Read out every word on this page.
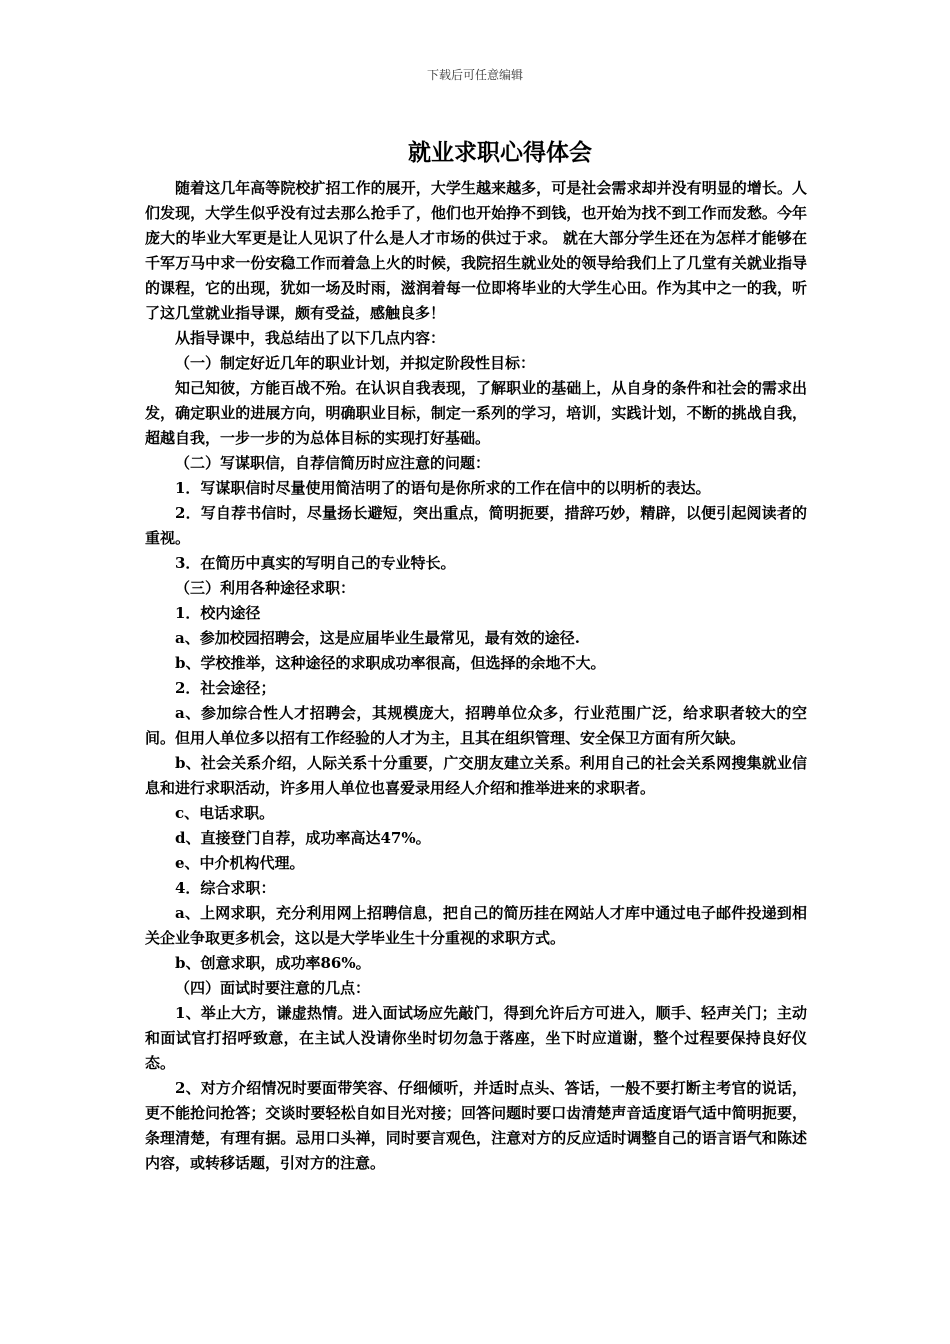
下载后可任意编辑
就业求职心得体会

随着这几年高等院校扩招工作的展开，大学生越来越多，可是社会需求却并没有明显的增长。人们发现，大学生似乎没有过去那么抢手了，他们也开始挣不到钱，也开始为找不到工作而发愁。今年庞大的毕业大军更是让人见识了什么是人才市场的供过于求。 就在大部分学生还在为怎样才能够在千军万马中求一份安稳工作而着急上火的时候，我院招生就业处的领导给我们上了几堂有关就业指导的课程，它的出现，犹如一场及时雨，滋润着每一位即将毕业的大学生心田。作为其中之一的我，听了这几堂就业指导课，颇有受益，感触良多！

从指导课中，我总结出了以下几点内容：

（一）制定好近几年的职业计划，并拟定阶段性目标：

知己知彼，方能百战不殆。在认识自我表现，了解职业的基础上，从自身的条件和社会的需求出发，确定职业的进展方向，明确职业目标，制定一系列的学习，培训，实践计划，不断的挑战自我，超越自我，一步一步的为总体目标的实现打好基础。

（二）写谋职信，自荐信简历时应注意的问题：

1．写谋职信时尽量使用简洁明了的语句是你所求的工作在信中的以明析的表达。

2．写自荐书信时，尽量扬长避短，突出重点，简明扼要，措辞巧妙，精辟，以便引起阅读者的重视。

3．在简历中真实的写明自己的专业特长。

（三）利用各种途径求职：

1．校内途径

a、参加校园招聘会，这是应届毕业生最常见，最有效的途径.

b、学校推举，这种途径的求职成功率很高，但选择的余地不大。

2．社会途径；

a、参加综合性人才招聘会，其规模庞大，招聘单位众多，行业范围广泛，给求职者较大的空间。但用人单位多以招有工作经验的人才为主，且其在组织管理、安全保卫方面有所欠缺。

b、社会关系介绍，人际关系十分重要，广交朋友建立关系。利用自己的社会关系网搜集就业信息和进行求职活动，许多用人单位也喜爱录用经人介绍和推举进来的求职者。

c、电话求职。

d、直接登门自荐，成功率高达47%。

e、中介机构代理。

4．综合求职：

a、上网求职，充分利用网上招聘信息，把自己的简历挂在网站人才库中通过电子邮件投递到相关企业争取更多机会，这以是大学毕业生十分重视的求职方式。

b、创意求职，成功率86%。

（四）面试时要注意的几点：

1、举止大方，谦虚热情。进入面试场应先敲门，得到允许后方可进入，顺手、轻声关门；主动和面试官打招呼致意，在主试人没请你坐时切勿急于落座，坐下时应道谢，整个过程要保持良好仪态。

2、对方介绍情况时要面带笑容、仔细倾听，并适时点头、答话，一般不要打断主考官的说话，更不能抢问抢答；交谈时要轻松自如目光对接；回答问题时要口齿清楚声音适度语气适中简明扼要，条理清楚，有理有据。忌用口头禅，同时要言观色，注意对方的反应适时调整自己的语言语气和陈述内容，或转移话题，引对方的注意。
